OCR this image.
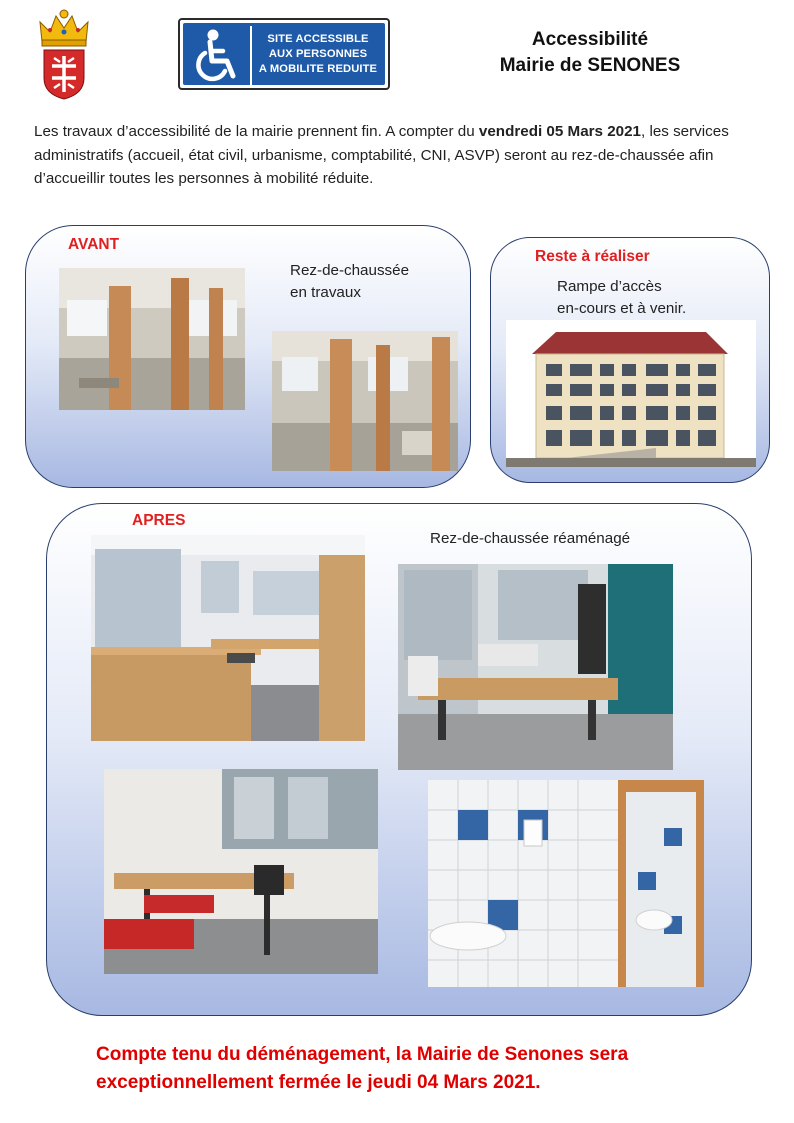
SITE ACCESSIBLE
AUX PERSONNES
A MOBILITE REDUITE
Accessibilité
Mairie de SENONES
Les travaux d’accessibilité de la mairie prennent fin. A compter du vendredi 05 Mars 2021, les services administratifs (accueil, état civil, urbanisme, comptabilité, CNI, ASVP) seront au rez-de-chaussée afin d’accueillir toutes les personnes à mobilité réduite.
AVANT
Rez-de-chaussée
en travaux
Reste à réaliser
Rampe d’accès
en-cours et à venir.
APRES
Rez-de-chaussée réaménagé
Compte tenu du déménagement, la Mairie de Senones sera
exceptionnellement fermée le jeudi 04 Mars 2021.
